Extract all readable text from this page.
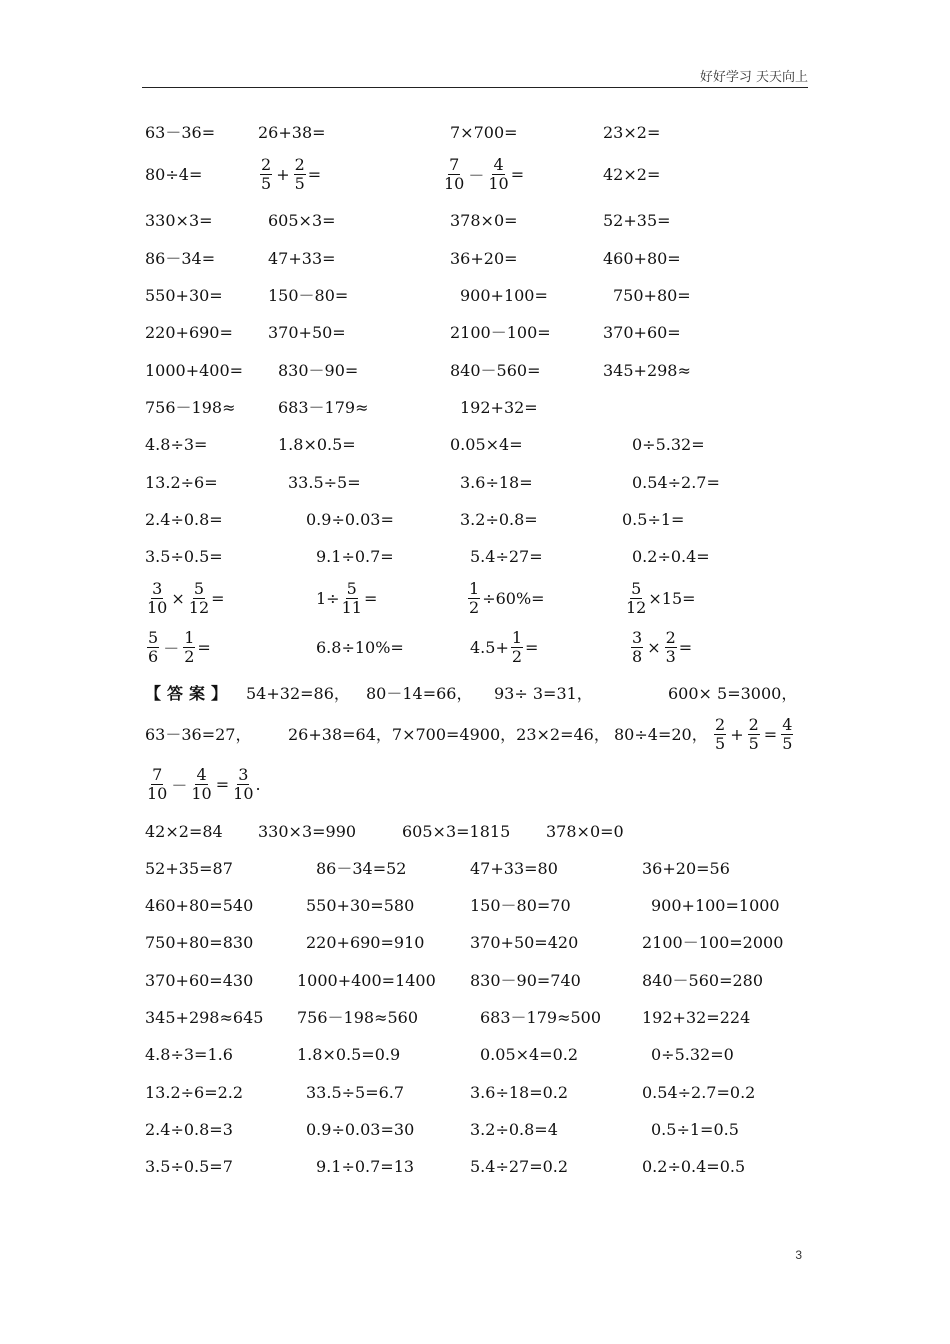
好好学习 天天向上
63－36=	26+38=	7×700=	23×2=
80÷4=	$\frac{2}{5} + \frac{2}{5}$ =	$\frac{7}{10} - \frac{4}{10}$ =	42×2=
330×3=	605×3=	378×0=	52+35=
86－34=	47+33=	36+20=	460+80=
550+30=	150－80=	900+100=	750+80=
220+690= 370+50=	2100－100=	370+60=
1000+400= 830－90=	840－560=	345+298≈
756－198≈	683－179≈	192+32=
4.8÷3=	1.8×0.5=	0.05×4=	0÷5.32=
13.2÷6=	33.5÷5=	3.6÷18=	0.54÷2.7=
2.4÷0.8=	0.9÷0.03=	3.2÷0.8=	0.5÷1=
3.5÷0.5=	9.1÷0.7=	5.4÷27=	0.2÷0.4=
$\frac{3}{10} \times \frac{5}{12}$ =	$1\div \frac{5}{11}$ =	$\frac{1}{2} \div 60\%=$	$\frac{5}{12} \times 15=$
$\frac{5}{6} - \frac{1}{2}$ =	6.8÷10%=	$4.5+ \frac{1}{2}$ =	$\frac{3}{8} \times \frac{2}{3}$ =
【答案】 54+32=86， 80－14=66， 93÷ 3=31，	600× 5=3000，
63－36=27， 26+38=64，7×700=4900，23×2=46， 80÷4=20， $\frac{2}{5} + \frac{2}{5} = \frac{4}{5}$
$\frac{7}{10} - \frac{4}{10} = \frac{3}{10}$ .
42×2=84 330×3=990	605×3=1815 378×0=0
52+35=87	86－34=52	47+33=80	36+20=56
460+80=540	550+30=580	150－80=70	900+100=1000
750+80=830	220+690=910	370+50=420	2100－100=2000
370+60=430	1000+400=1400 830－90=740	840－560=280
345+298≈645 756－198≈560	683－179≈500	192+32=224
4.8÷3=1.6	1.8×0.5=0.9	0.05×4=0.2	0÷5.32=0
13.2÷6=2.2	33.5÷5=6.7	3.6÷18=0.2	0.54÷2.7=0.2
2.4÷0.8=3	0.9÷0.03=30	3.2÷0.8=4	0.5÷1=0.5
3.5÷0.5=7	9.1÷0.7=13	5.4÷27=0.2	0.2÷0.4=0.5
3
